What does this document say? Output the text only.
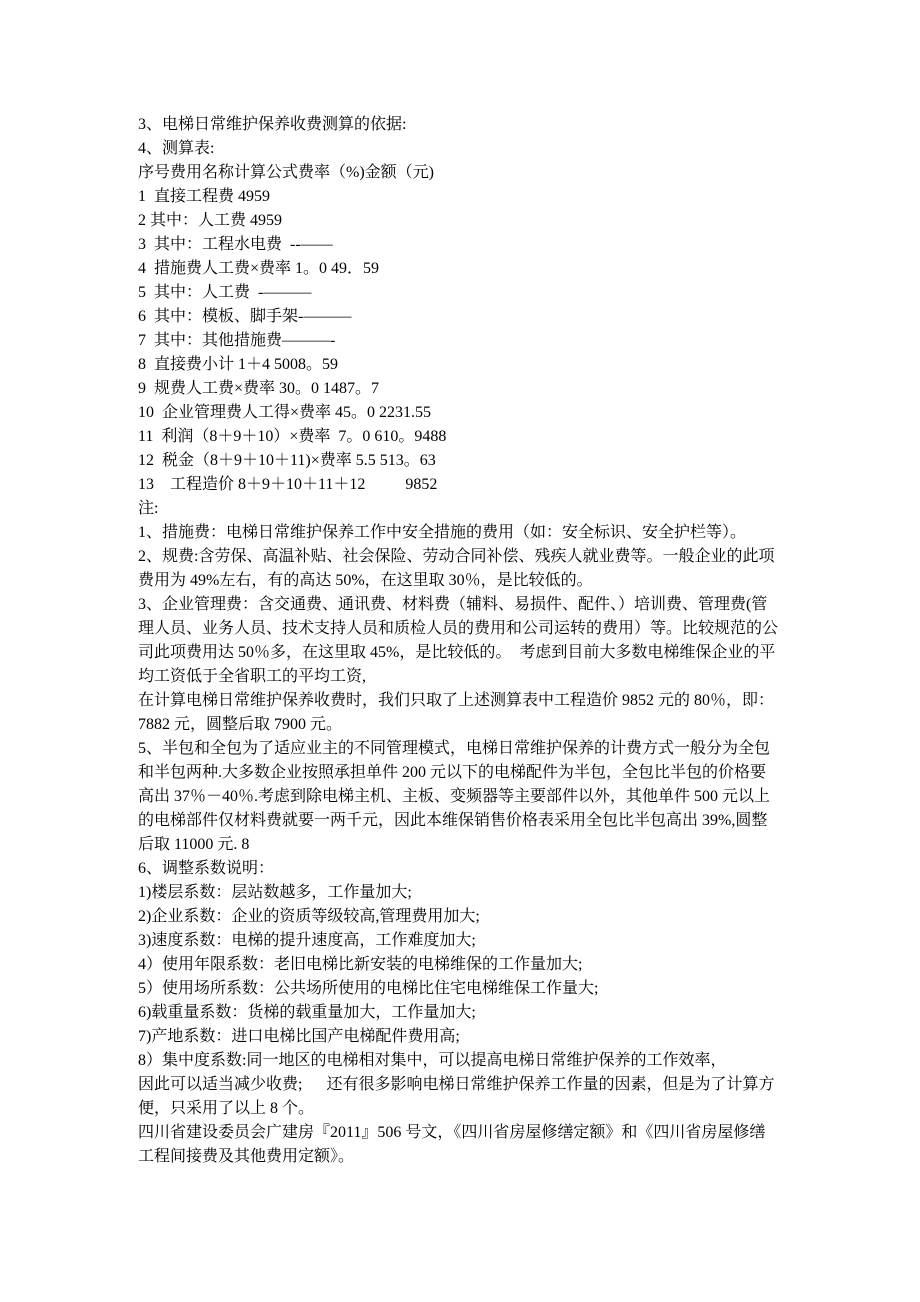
3、电梯日常维护保养收费测算的依据:
4、测算表:
序号费用名称计算公式费率（%)金额（元)
1  直接工程费 4959
2 其中：人工费 4959
3  其中：工程水电费  --——
4  措施费人工费×费率 1。0 49．59
5  其中：人工费  -———
6  其中：模板、脚手架-———
7  其中：其他措施费———-
8  直接费小计 1＋4 5008。59
9  规费人工费×费率 30。0 1487。7
10  企业管理费人工得×费率 45。0 2231.55
11  利润（8＋9＋10）×费率  7。0 610。9488
12  税金（8＋9＋10＋11)×费率 5.5 513。63
13    工程造价 8＋9＋10＋11＋12          9852
注:
1、措施费：电梯日常维护保养工作中安全措施的费用（如：安全标识、安全护栏等）。
2、规费:含劳保、高温补贴、社会保险、劳动合同补偿、残疾人就业费等。一般企业的此项
费用为 49%左右，有的高达 50%，在这里取 30％，是比较低的。
3、企业管理费：含交通费、通讯费、材料费（辅料、易损件、配件、）培训费、管理费(管
理人员、业务人员、技术支持人员和质检人员的费用和公司运转的费用）等。比较规范的公
司此项费用达 50％多，在这里取 45%，是比较低的。  考虑到目前大多数电梯维保企业的平
均工资低于全省职工的平均工资,
在计算电梯日常维护保养收费时，我们只取了上述测算表中工程造价 9852 元的 80％，即：
7882 元，圆整后取 7900 元。
5、半包和全包为了适应业主的不同管理模式，电梯日常维护保养的计费方式一般分为全包
和半包两种.大多数企业按照承担单件 200 元以下的电梯配件为半包，全包比半包的价格要
高出 37％－40％.考虑到除电梯主机、主板、变频器等主要部件以外，其他单件 500 元以上
的电梯部件仅材料费就要一两千元，因此本维保销售价格表采用全包比半包高出 39%,圆整
后取 11000 元. 8
6、调整系数说明：
1)楼层系数：层站数越多，工作量加大;
2)企业系数：企业的资质等级较高,管理费用加大;
3)速度系数：电梯的提升速度高，工作难度加大;
4）使用年限系数：老旧电梯比新安装的电梯维保的工作量加大;
5）使用场所系数：公共场所使用的电梯比住宅电梯维保工作量大;
6)载重量系数：货梯的载重量加大，工作量加大;
7)产地系数：进口电梯比国产电梯配件费用高;
8）集中度系数:同一地区的电梯相对集中，可以提高电梯日常维护保养的工作效率，
因此可以适当减少收费;      还有很多影响电梯日常维护保养工作量的因素，但是为了计算方
便，只采用了以上 8 个。
四川省建设委员会广建房『2011』506 号文，《四川省房屋修缮定额》和《四川省房屋修缮
工程间接费及其他费用定额》。
